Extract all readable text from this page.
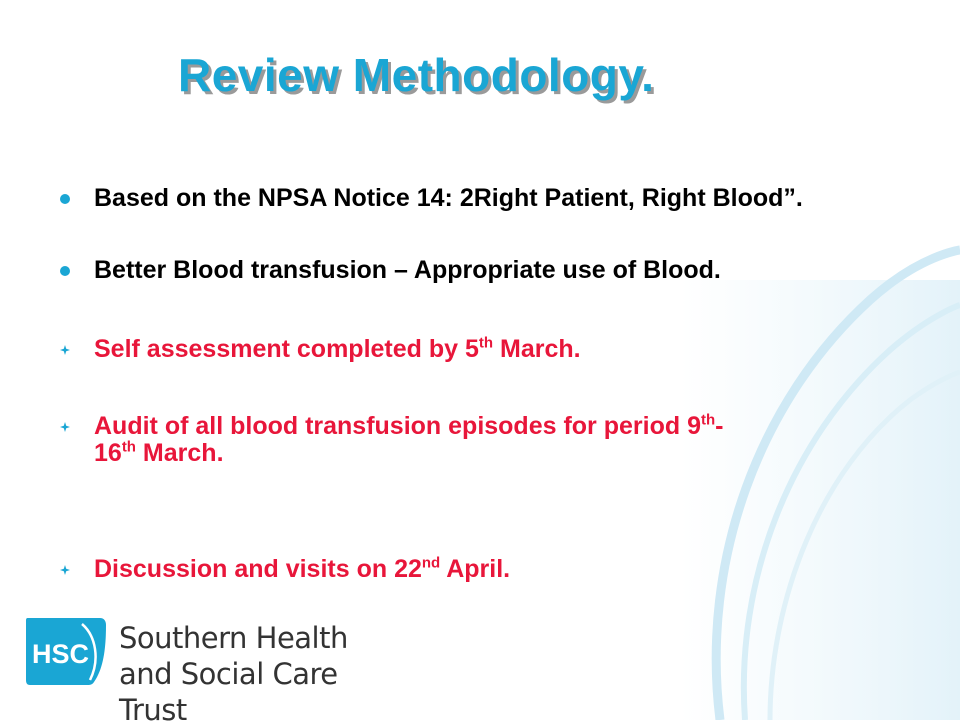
Review Methodology.
Based on the NPSA Notice 14: 2Right Patient, Right Blood”.
Better Blood transfusion – Appropriate use of Blood.
Self assessment completed by 5th March.
Audit of all blood transfusion episodes for period 9th-
16th March.
Discussion and visits on 22nd April.
HSC Southern Health
and Social Care Trust
